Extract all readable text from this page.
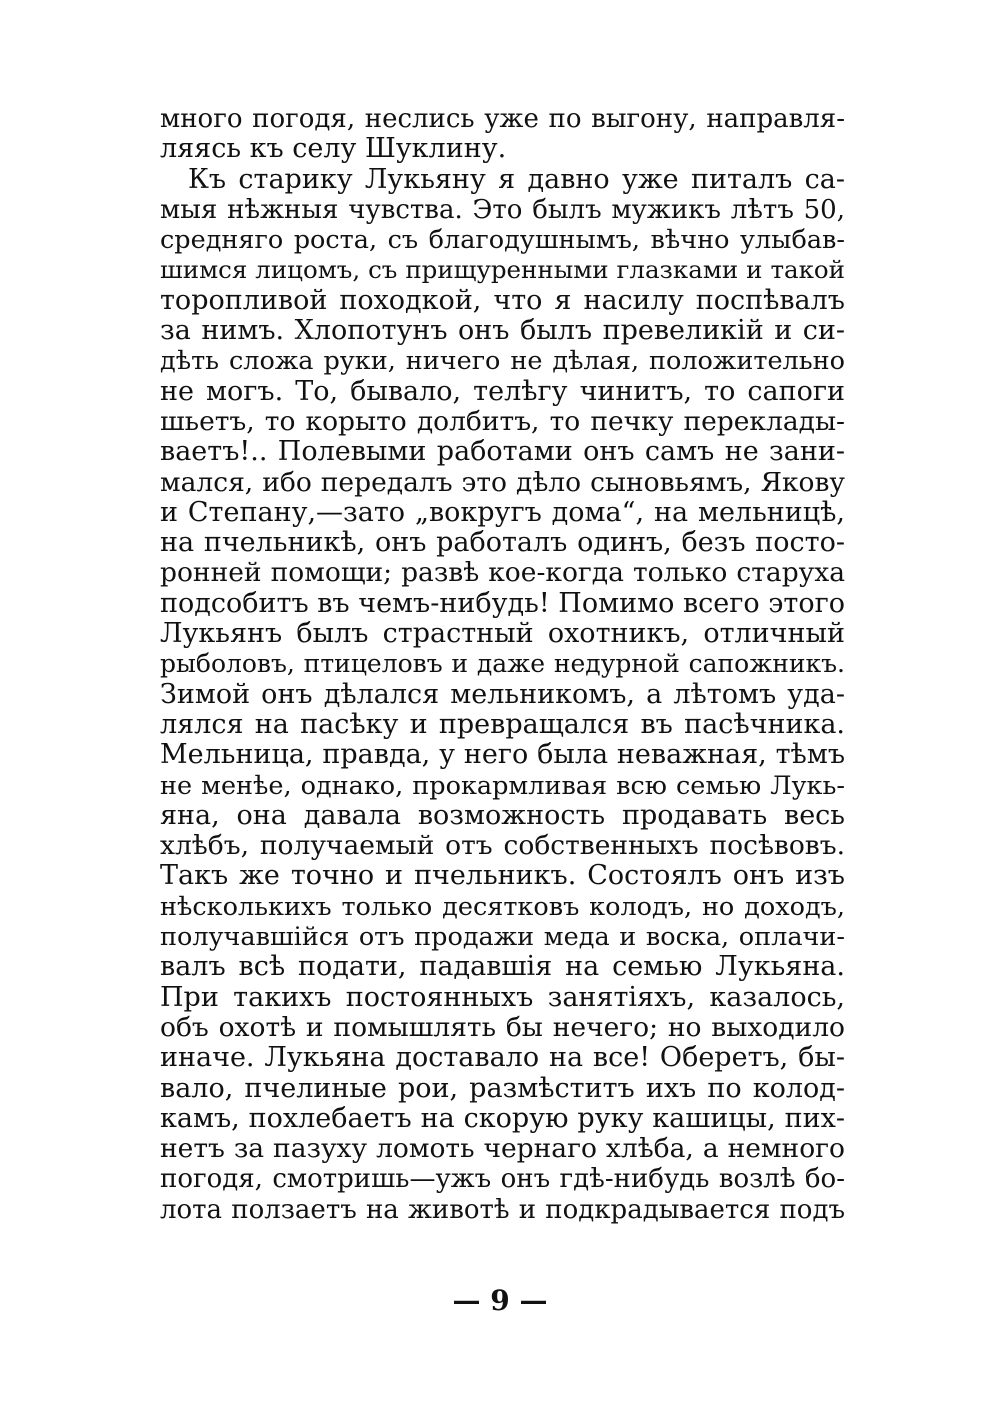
много погодя, неслись уже по выгону, направля-
ляясь къ селу Шуклину.
Къ старику Лукьяну я давно уже питалъ са-
мыя нѣжныя чувства. Это былъ мужикъ лѣтъ 50,
средняго роста, съ благодушнымъ, вѣчно улыбав-
шимся лицомъ, съ прищуренными глазками и такой
торопливой походкой, что я насилу поспѣвалъ
за нимъ. Хлопотунъ онъ былъ превеликій и си-
дѣть сложа руки, ничего не дѣлая, положительно
не могъ. То, бывало, телѣгу чинитъ, то сапоги
шьетъ, то корыто долбитъ, то печку переклады-
ваетъ!.. Полевыми работами онъ самъ не зани-
мался, ибо передалъ это дѣло сыновьямъ, Якову
и Степану,—зато „вокругъ дома“, на мельницѣ,
на пчельникѣ, онъ работалъ одинъ, безъ посто-
ронней помощи; развѣ кое-когда только старуха
подсобитъ въ чемъ-нибудь! Помимо всего этого
Лукьянъ былъ страстный охотникъ, отличный
рыболовъ, птицеловъ и даже недурной сапожникъ.
Зимой онъ дѣлался мельникомъ, а лѣтомъ уда-
лялся на пасѣку и превращался въ пасѣчника.
Мельница, правда, у него была неважная, тѣмъ
не менѣе, однако, прокармливая всю семью Лукь-
яна, она давала возможность продавать весь
хлѣбъ, получаемый отъ собственныхъ посѣвовъ.
Такъ же точно и пчельникъ. Состоялъ онъ изъ
нѣсколькихъ только десятковъ колодъ, но доходъ,
получавшійся отъ продажи меда и воска, оплачи-
валъ всѣ подати, падавшія на семью Лукьяна.
При такихъ постоянныхъ занятіяхъ, казалось,
объ охотѣ и помышлять бы нечего; но выходило
иначе. Лукьяна доставало на все! Оберетъ, бы-
вало, пчелиные рои, размѣститъ ихъ по колод-
камъ, похлебаетъ на скорую руку кашицы, пих-
нетъ за пазуху ломоть чернаго хлѣба, а немного
погодя, смотришь—ужъ онъ гдѣ-нибудь возлѣ бо-
лота ползаетъ на животѣ и подкрадывается подъ
— 9 —
